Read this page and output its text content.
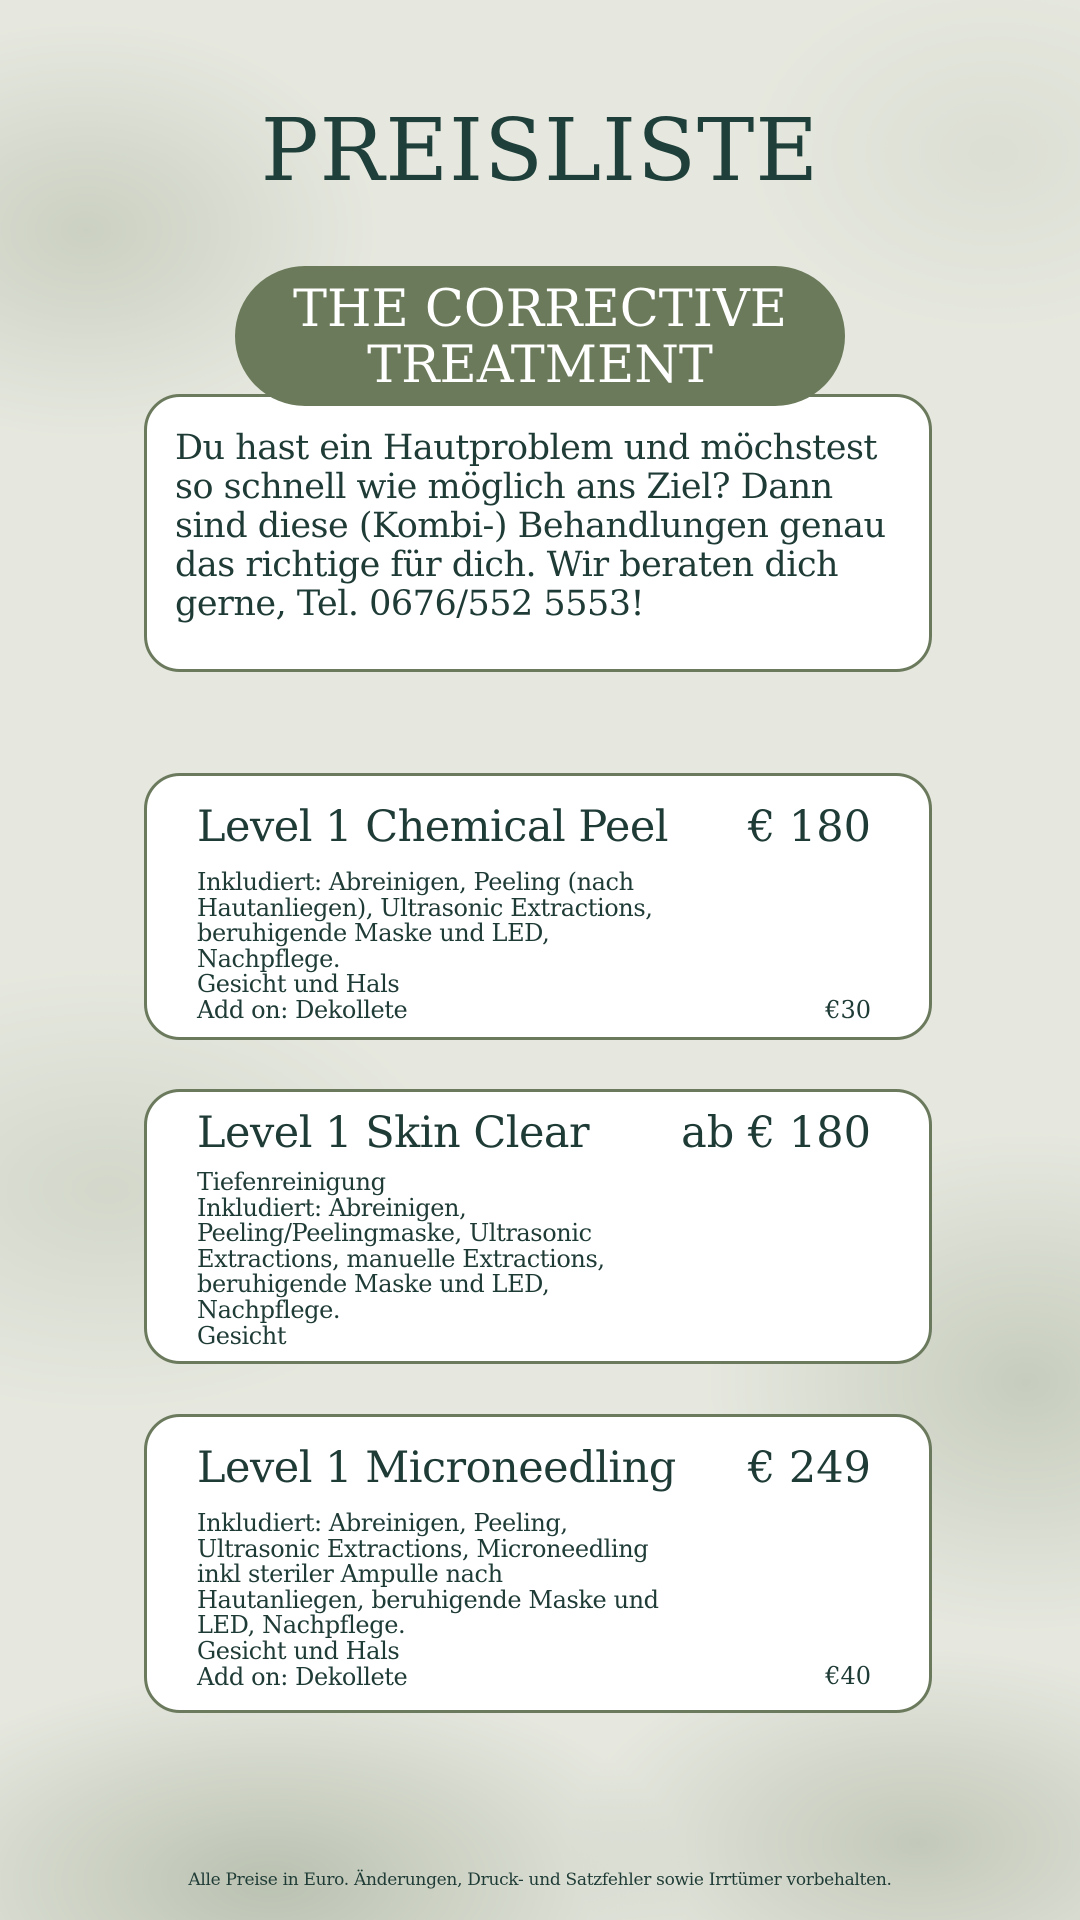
PREISLISTE
Du hast ein Hautproblem und möchstest so schnell wie möglich ans Ziel? Dann sind diese (Kombi-) Behandlungen genau das richtige für dich. Wir beraten dich gerne, Tel. 0676/552 5553!
THE CORRECTIVE
TREATMENT
Level 1 Chemical Peel € 180
Inkludiert: Abreinigen, Peeling (nach
Hautanliegen), Ultrasonic Extractions,
beruhigende Maske und LED,
Nachpflege.
Gesicht und Hals
Add on: Dekollete	€30
Level 1 Skin Clear ab € 180
Tiefenreinigung
Inkludiert: Abreinigen,
Peeling/Peelingmaske, Ultrasonic
Extractions, manuelle Extractions,
beruhigende Maske und LED,
Nachpflege.
Gesicht
Level 1 Microneedling € 249
Inkludiert: Abreinigen, Peeling,
Ultrasonic Extractions, Microneedling
inkl steriler Ampulle nach
Hautanliegen, beruhigende Maske und
LED, Nachpflege.
Gesicht und Hals
Add on: Dekollete	€40
Alle Preise in Euro. Änderungen, Druck- und Satzfehler sowie Irrtümer vorbehalten.
